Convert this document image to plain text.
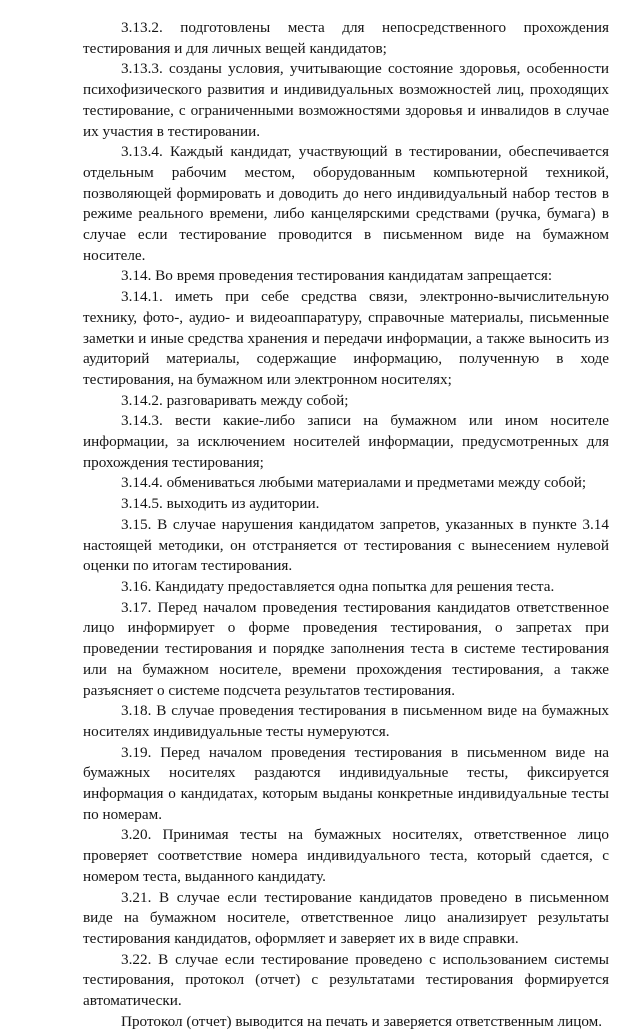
3.13.2. подготовлены места для непосредственного прохождения тестирования и для личных вещей кандидатов;

3.13.3. созданы условия, учитывающие состояние здоровья, особенности психофизического развития и индивидуальных возможностей лиц, проходящих тестирование, с ограниченными возможностями здоровья и инвалидов в случае их участия в тестировании.

3.13.4. Каждый кандидат, участвующий в тестировании, обеспечивается отдельным рабочим местом, оборудованным компьютерной техникой, позволяющей формировать и доводить до него индивидуальный набор тестов в режиме реального времени, либо канцелярскими средствами (ручка, бумага) в случае если тестирование проводится в письменном виде на бумажном носителе.

3.14. Во время проведения тестирования кандидатам запрещается:

3.14.1. иметь при себе средства связи, электронно-вычислительную технику, фото-, аудио- и видеоаппаратуру, справочные материалы, письменные заметки и иные средства хранения и передачи информации, а также выносить из аудиторий материалы, содержащие информацию, полученную в ходе тестирования, на бумажном или электронном носителях;

3.14.2. разговаривать между собой;

3.14.3. вести какие-либо записи на бумажном или ином носителе информации, за исключением носителей информации, предусмотренных для прохождения тестирования;

3.14.4. обмениваться любыми материалами и предметами между собой;

3.14.5. выходить из аудитории.

3.15. В случае нарушения кандидатом запретов, указанных в пункте 3.14 настоящей методики, он отстраняется от тестирования с вынесением нулевой оценки по итогам тестирования.

3.16. Кандидату предоставляется одна попытка для решения теста.

3.17. Перед началом проведения тестирования кандидатов ответственное лицо информирует о форме проведения тестирования, о запретах при проведении тестирования и порядке заполнения теста в системе тестирования или на бумажном носителе, времени прохождения тестирования, а также разъясняет о системе подсчета результатов тестирования.

3.18. В случае проведения тестирования в письменном виде на бумажных носителях индивидуальные тесты нумеруются.

3.19. Перед началом проведения тестирования в письменном виде на бумажных носителях раздаются индивидуальные тесты, фиксируется информация о кандидатах, которым выданы конкретные индивидуальные тесты по номерам.

3.20. Принимая тесты на бумажных носителях, ответственное лицо проверяет соответствие номера индивидуального теста, который сдается, с номером теста, выданного кандидату.

3.21. В случае если тестирование кандидатов проведено в письменном виде на бумажном носителе, ответственное лицо анализирует результаты тестирования кандидатов, оформляет и заверяет их в виде справки.

3.22. В случае если тестирование проведено с использованием системы тестирования, протокол (отчет) с результатами тестирования формируется автоматически.

Протокол (отчет) выводится на печать и заверяется ответственным лицом.
